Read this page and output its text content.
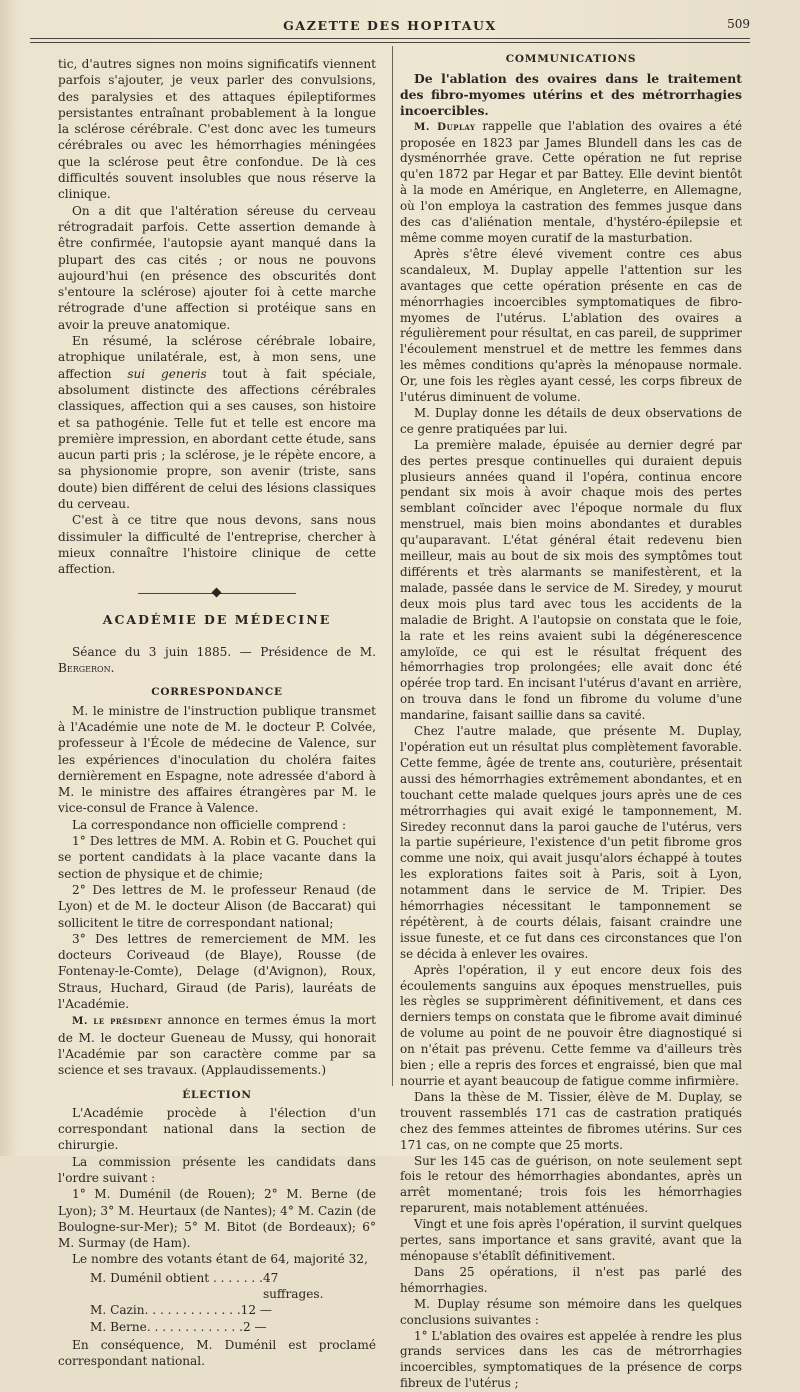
GAZETTE DES HOPITAUX	509

tic, d'autres signes non moins significatifs viennent parfois s'ajouter, je veux parler des convulsions, des paralysies et des attaques épileptiformes persistantes entraînant probablement à la longue la sclérose cérébrale. C'est donc avec les tumeurs cérébrales ou avec les hémorrhagies méningées que la sclérose peut être confondue. De là ces difficultés souvent insolubles que nous réserve la clinique.

On a dit que l'altération séreuse du cerveau rétrogradait parfois. Cette assertion demande à être confirmée, l'autopsie ayant manqué dans la plupart des cas cités ; or nous ne pouvons aujourd'hui (en présence des obscurités dont s'entoure la sclérose) ajouter foi à cette marche rétrograde d'une affection si protéique sans en avoir la preuve anatomique.

En résumé, la sclérose cérébrale lobaire, atrophique unilatérale, est, à mon sens, une affection sui generis tout à fait spéciale, absolument distincte des affections cérébrales classiques, affection qui a ses causes, son histoire et sa pathogénie. Telle fut et telle est encore ma première impression, en abordant cette étude, sans aucun parti pris ; la sclérose, je le répète encore, a sa physionomie propre, son avenir (triste, sans doute) bien différent de celui des lésions classiques du cerveau.

C'est à ce titre que nous devons, sans nous dissimuler la difficulté de l'entreprise, chercher à mieux connaître l'histoire clinique de cette affection.

ACADÉMIE DE MÉDECINE

Séance du 3 juin 1885. — Présidence de M. Bergeron.

CORRESPONDANCE

M. le ministre de l'instruction publique transmet à l'Académie une note de M. le docteur P. Colvée, professeur à l'École de médecine de Valence, sur les expériences d'inoculation du choléra faites dernièrement en Espagne, note adressée d'abord à M. le ministre des affaires étrangères par M. le vice-consul de France à Valence.

La correspondance non officielle comprend :

1° Des lettres de MM. A. Robin et G. Pouchet qui se portent candidats à la place vacante dans la section de physique et de chimie;

2° Des lettres de M. le professeur Renaud (de Lyon) et de M. le docteur Alison (de Baccarat) qui sollicitent le titre de correspondant national;

3° Des lettres de remerciement de MM. les docteurs Coriveaud (de Blaye), Rousse (de Fontenay-le-Comte), Delage (d'Avignon), Roux, Straus, Huchard, Giraud (de Paris), lauréats de l'Académie.

M. le président annonce en termes émus la mort de M. le docteur Gueneau de Mussy, qui honorait l'Académie par son caractère comme par sa science et ses travaux. (Applaudissements.)

ÉLECTION

L'Académie procède à l'élection d'un correspondant national dans la section de chirurgie.

La commission présente les candidats dans l'ordre suivant :

1° M. Duménil (de Rouen); 2° M. Berne (de Lyon); 3° M. Heurtaux (de Nantes); 4° M. Cazin (de Boulogne-sur-Mer); 5° M. Bitot (de Bordeaux); 6° M. Surmay (de Ham).

Le nombre des votants étant de 64, majorité 32,

M. Duménil obtient . . . . . . . 47 suffrages.
M. Cazin. . . . . . . . . . . . . 12 —
M. Berne. . . . . . . . . . . . . 2 —

En conséquence, M. Duménil est proclamé correspondant national.

COMMUNICATIONS

De l'ablation des ovaires dans le traitement des fibro-myomes utérins et des métrorrhagies incoercibles.

M. Duplay rappelle que l'ablation des ovaires a été proposée en 1823 par James Blundell dans les cas de dysménorrhée grave. Cette opération ne fut reprise qu'en 1872 par Hegar et par Battey. Elle devint bientôt à la mode en Amérique, en Angleterre, en Allemagne, où l'on employa la castration des femmes jusque dans des cas d'aliénation mentale, d'hystéro-épilepsie et même comme moyen curatif de la masturbation.

Après s'être élevé vivement contre ces abus scandaleux, M. Duplay appelle l'attention sur les avantages que cette opération présente en cas de ménorrhagies incoercibles symptomatiques de fibro-myomes de l'utérus. L'ablation des ovaires a régulièrement pour résultat, en cas pareil, de supprimer l'écoulement menstruel et de mettre les femmes dans les mêmes conditions qu'après la ménopause normale. Or, une fois les règles ayant cessé, les corps fibreux de l'utérus diminuent de volume.

M. Duplay donne les détails de deux observations de ce genre pratiquées par lui.

La première malade, épuisée au dernier degré par des pertes presque continuelles qui duraient depuis plusieurs années quand il l'opéra, continua encore pendant six mois à avoir chaque mois des pertes semblant coïncider avec l'époque normale du flux menstruel, mais bien moins abondantes et durables qu'auparavant. L'état général était redevenu bien meilleur, mais au bout de six mois des symptômes tout différents et très alarmants se manifestèrent, et la malade, passée dans le service de M. Siredey, y mourut deux mois plus tard avec tous les accidents de la maladie de Bright. A l'autopsie on constata que le foie, la rate et les reins avaient subi la dégénerescence amyloïde, ce qui est le résultat fréquent des hémorrhagies trop prolongées; elle avait donc été opérée trop tard. En incisant l'utérus d'avant en arrière, on trouva dans le fond un fibrome du volume d'une mandarine, faisant saillie dans sa cavité.

Chez l'autre malade, que présente M. Duplay, l'opération eut un résultat plus complètement favorable. Cette femme, âgée de trente ans, couturière, présentait aussi des hémorrhagies extrêmement abondantes, et en touchant cette malade quelques jours après une de ces métrorrhagies qui avait exigé le tamponnement, M. Siredey reconnut dans la paroi gauche de l'utérus, vers la partie supérieure, l'existence d'un petit fibrome gros comme une noix, qui avait jusqu'alors échappé à toutes les explorations faites soit à Paris, soit à Lyon, notamment dans le service de M. Tripier. Des hémorrhagies nécessitant le tamponnement se répétèrent, à de courts délais, faisant craindre une issue funeste, et ce fut dans ces circonstances que l'on se décida à enlever les ovaires.

Après l'opération, il y eut encore deux fois des écoulements sanguins aux époques menstruelles, puis les règles se supprimèrent définitivement, et dans ces derniers temps on constata que le fibrome avait diminué de volume au point de ne pouvoir être diagnostiqué si on n'était pas prévenu. Cette femme va d'ailleurs très bien ; elle a repris des forces et engraissé, bien que mal nourrie et ayant beaucoup de fatigue comme infirmière.

Dans la thèse de M. Tissier, élève de M. Duplay, se trouvent rassemblés 171 cas de castration pratiqués chez des femmes atteintes de fibromes utérins. Sur ces 171 cas, on ne compte que 25 morts.

Sur les 145 cas de guérison, on note seulement sept fois le retour des hémorrhagies abondantes, après un arrêt momentané; trois fois les hémorrhagies reparurent, mais notablement atténuées.

Vingt et une fois après l'opération, il survint quelques pertes, sans importance et sans gravité, avant que la ménopause s'établît définitivement.

Dans 25 opérations, il n'est pas parlé des hémorrhagies.

M. Duplay résume son mémoire dans les quelques conclusions suivantes :

1° L'ablation des ovaires est appelée à rendre les plus grands services dans les cas de métrorrhagies incoercibles, symptomatiques de la présence de corps fibreux de l'utérus ;
